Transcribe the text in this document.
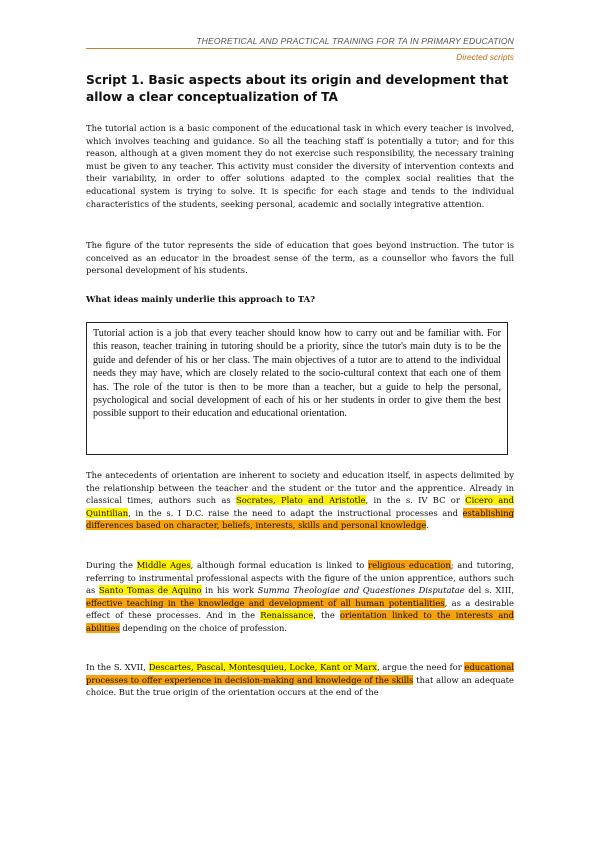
THEORETICAL AND PRACTICAL TRAINING FOR TA IN PRIMARY EDUCATION
Directed scripts
Script 1. Basic aspects about its origin and development that allow a clear conceptualization of TA
The tutorial action is a basic component of the educational task in which every teacher is involved, which involves teaching and guidance. So all the teaching staff is potentially a tutor; and for this reason, although at a given moment they do not exercise such responsibility, the necessary training must be given to any teacher. This activity must consider the diversity of intervention contexts and their variability, in order to offer solutions adapted to the complex social realities that the educational system is trying to solve. It is specific for each stage and tends to the individual characteristics of the students, seeking personal, academic and socially integrative attention.
The figure of the tutor represents the side of education that goes beyond instruction. The tutor is conceived as an educator in the broadest sense of the term, as a counsellor who favors the full personal development of his students.
What ideas mainly underlie this approach to TA?
Tutorial action is a job that every teacher should know how to carry out and be familiar with. For this reason, teacher training in tutoring should be a priority, since the tutor's main duty is to be the guide and defender of his or her class. The main objectives of a tutor are to attend to the individual needs they may have, which are closely related to the socio-cultural context that each one of them has. The role of the tutor is then to be more than a teacher, but a guide to help the personal, psychological and social development of each of his or her students in order to give them the best possible support to their education and educational orientation.
The antecedents of orientation are inherent to society and education itself, in aspects delimited by the relationship between the teacher and the student or the tutor and the apprentice. Already in classical times, authors such as Socrates, Plato and Aristotle, in the s. IV BC or Cicero and Quintilian, in the s. I D.C. raise the need to adapt the instructional processes and establishing differences based on character, beliefs, interests, skills and personal knowledge.
During the Middle Ages, although formal education is linked to religious education; and tutoring, referring to instrumental professional aspects with the figure of the union apprentice, authors such as Santo Tomas de Aquino in his work Summa Theologiae and Quaestiones Disputatae del s. XIII, effective teaching in the knowledge and development of all human potentialities, as a desirable effect of these processes. And in the Renaissance, the orientation linked to the interests and abilities depending on the choice of profession.
In the S. XVII, Descartes, Pascal, Montesquieu, Locke, Kant or Marx, argue the need for educational processes to offer experience in decision-making and knowledge of the skills that allow an adequate choice. But the true origin of the orientation occurs at the end of the
